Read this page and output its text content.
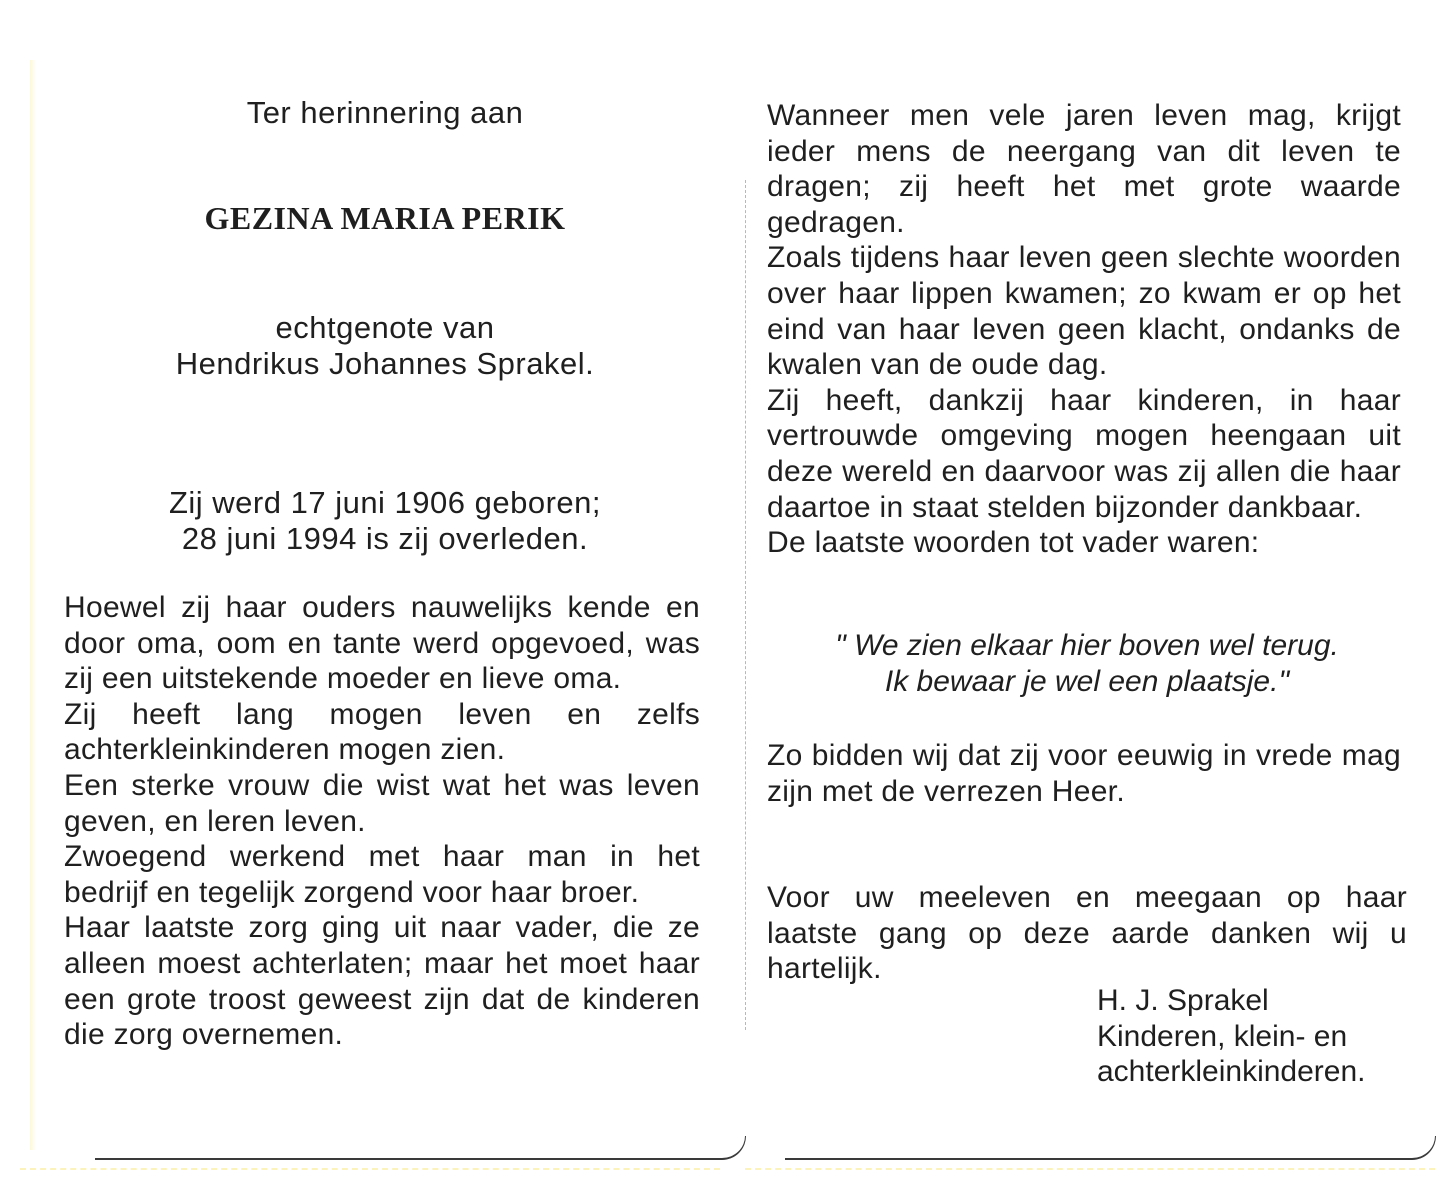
Ter herinnering aan
GEZINA MARIA PERIK
echtgenote van
Hendrikus Johannes Sprakel.
Zij werd 17 juni 1906 geboren;
28 juni 1994 is zij overleden.

Hoewel zij haar ouders nauwelijks kende en door oma, oom en tante werd opgevoed, was zij een uitstekende moeder en lieve oma.

Zij heeft lang mogen leven en zelfs achterkleinkinderen mogen zien.

Een sterke vrouw die wist wat het was leven geven, en leren leven.

Zwoegend werkend met haar man in het bedrijf en tegelijk zorgend voor haar broer.

Haar laatste zorg ging uit naar vader, die ze alleen moest achterlaten; maar het moet haar een grote troost geweest zijn dat de kinderen die zorg overnemen.

Wanneer men vele jaren leven mag, krijgt ieder mens de neergang van dit leven te dragen; zij heeft het met grote waarde gedragen.

Zoals tijdens haar leven geen slechte woorden over haar lippen kwamen; zo kwam er op het eind van haar leven geen klacht, ondanks de kwalen van de oude dag.

Zij heeft, dankzij haar kinderen, in haar vertrouwde omgeving mogen heengaan uit deze wereld en daarvoor was zij allen die haar daartoe in staat stelden bijzonder dankbaar.

De laatste woorden tot vader waren:

" We zien elkaar hier boven wel terug.
Ik bewaar je wel een plaatsje."
Zo bidden wij dat zij voor eeuwig in vrede mag zijn met de verrezen Heer.
Voor uw meeleven en meegaan op haar laatste gang op deze aarde danken wij u hartelijk.
H. J. Sprakel
Kinderen, klein- en
achterkleinkinderen.
